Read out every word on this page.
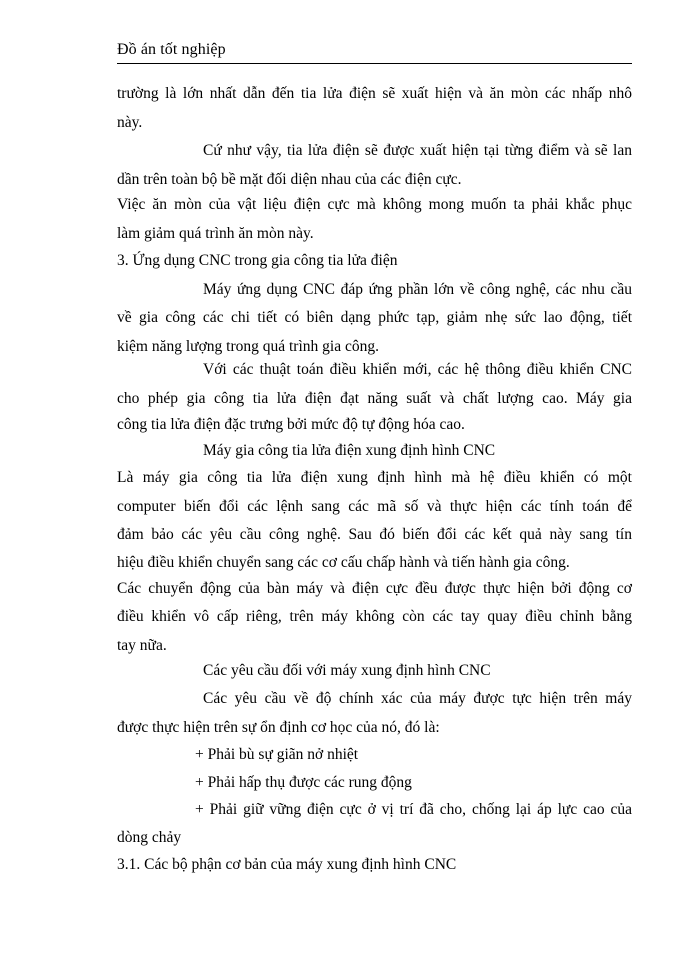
Đồ án tốt nghiệp
trường là lớn nhất dẫn đến tia lửa điện sẽ xuất hiện và ăn mòn các nhấp nhô
này.
Cứ như vậy, tia lửa điện sẽ được xuất hiện tại từng điểm và sẽ lan
dần trên toàn bộ bề mặt đối diện nhau của các điện cực.
Việc ăn mòn của vật liệu điện cực mà không mong muốn ta phải khắc phục
làm giảm quá trình ăn mòn này.
3. Ứng dụng CNC trong gia công tia lửa điện
Máy ứng dụng CNC đáp ứng phần lớn về công nghệ, các nhu cầu
về gia công các chi tiết có biên dạng phức tạp, giảm nhẹ sức lao động, tiết
kiệm năng lượng trong quá trình gia công.
Với các thuật toán điều khiển mới, các hệ thông điều khiển CNC
cho phép gia công tia lửa điện đạt năng suất và chất lượng cao. Máy gia
công tia lửa điện đặc trưng bởi mức độ tự động hóa cao.
Máy gia công tia lửa điện xung định hình CNC
Là máy gia công tia lửa điện xung định hình mà hệ điều khiển có một
computer biến đổi các lệnh sang các mã số và thực hiện các tính toán để
đảm bảo các yêu cầu công nghệ. Sau đó biến đổi các kết quả này sang tín
hiệu điều khiển chuyển sang các cơ cấu chấp hành và tiến hành gia công.
Các chuyển động của bàn máy và điện cực đều được thực hiện bởi động cơ
điều khiển vô cấp riêng, trên máy không còn các tay quay điều chỉnh bằng
tay nữa.
Các yêu cầu đối với máy xung định hình CNC
Các yêu cầu về độ chính xác của máy được tực hiện trên máy
được thực hiện trên sự ổn định cơ học của nó, đó là:
+ Phải bù sự giãn nở nhiệt
+ Phải hấp thụ được các rung động
+ Phải giữ vững điện cực ở vị trí đã cho, chống lại áp lực cao của
dòng chảy
3.1. Các bộ phận cơ bản của máy xung định hình CNC
